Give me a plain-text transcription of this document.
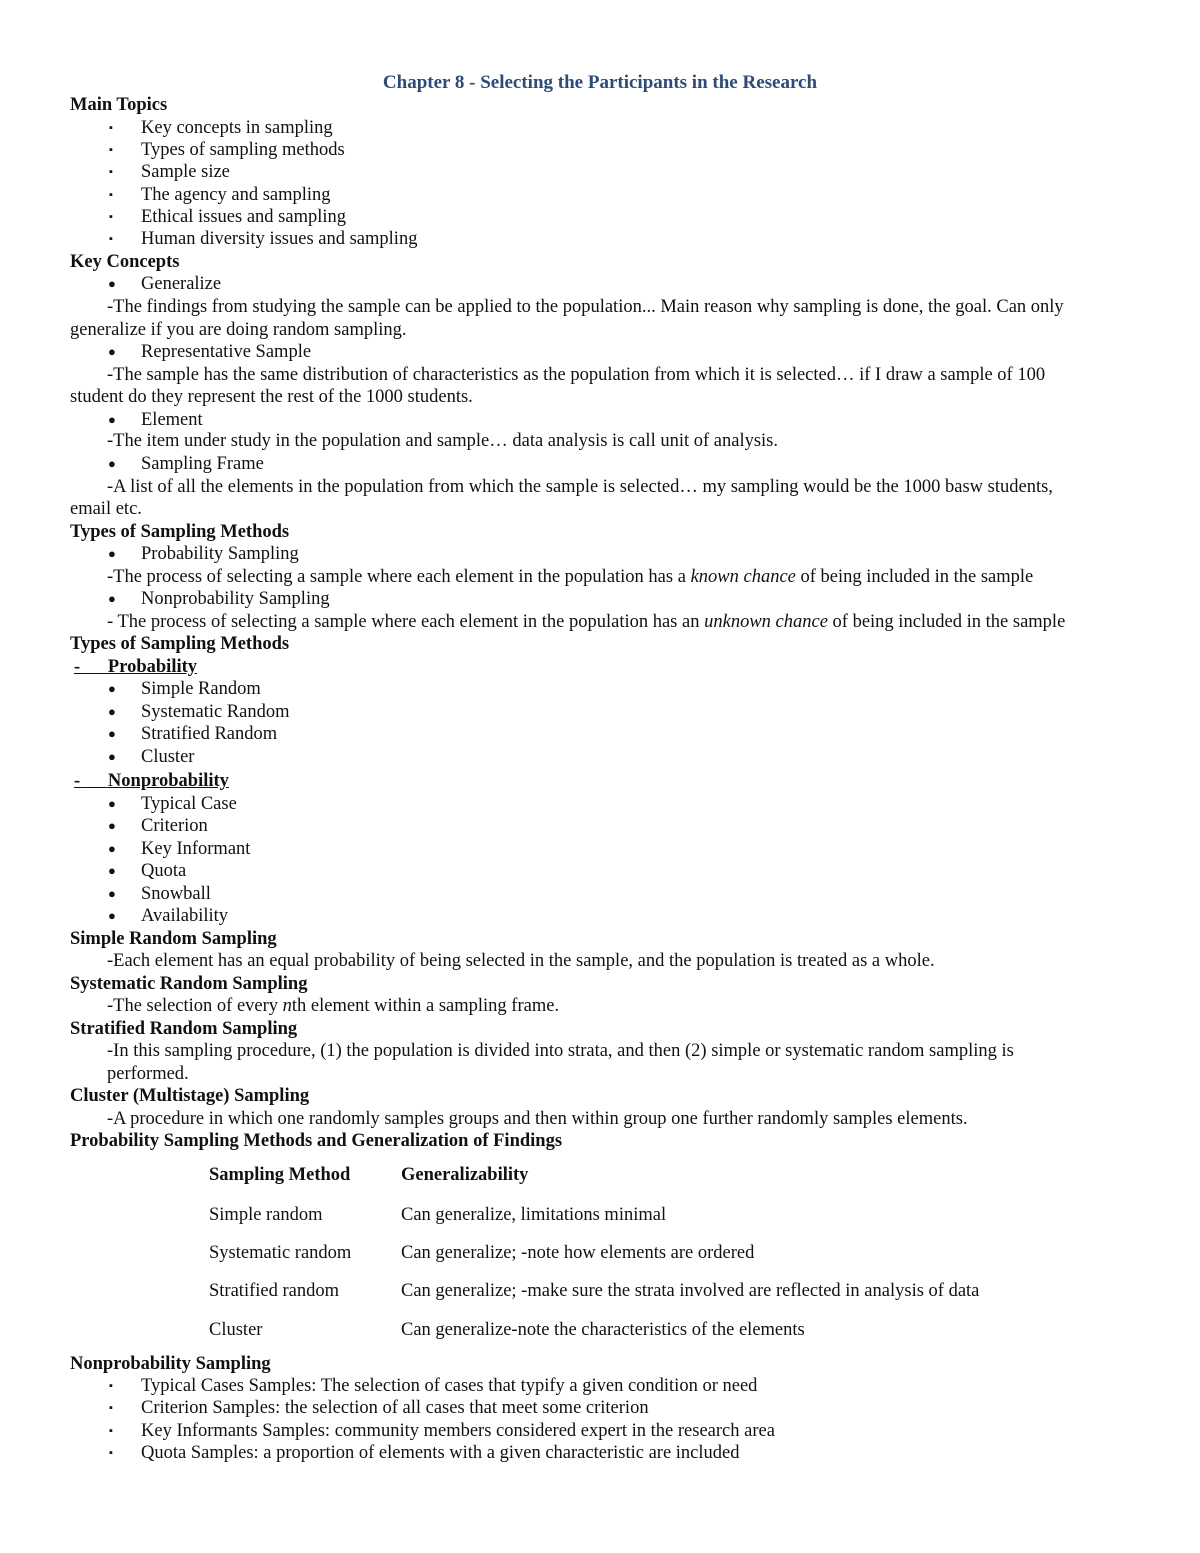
Chapter 8 - Selecting the Participants in the Research
Main Topics
▪ Key concepts in sampling
▪ Types of sampling methods
▪ Sample size
▪ The agency and sampling
▪ Ethical issues and sampling
▪ Human diversity issues and sampling
Key Concepts
● Generalize
-The findings from studying the sample can be applied to the population... Main reason why sampling is done, the goal. Can only
generalize if you are doing random sampling.
● Representative Sample
-The sample has the same distribution of characteristics as the population from which it is selected… if I draw a sample of 100
student do they represent the rest of the 1000 students.
● Element
-The item under study in the population and sample… data analysis is call unit of analysis.
● Sampling Frame
-A list of all the elements in the population from which the sample is selected… my sampling would be the 1000 basw students,
email etc.
Types of Sampling Methods
● Probability Sampling
-The process of selecting a sample where each element in the population has a known chance of being included in the sample
● Nonprobability Sampling
- The process of selecting a sample where each element in the population has an unknown chance of being included in the sample
Types of Sampling Methods
- Probability
● Simple Random
● Systematic Random
● Stratified Random
● Cluster
- Nonprobability
● Typical Case
● Criterion
● Key Informant
● Quota
● Snowball
● Availability
Simple Random Sampling
-Each element has an equal probability of being selected in the sample, and the population is treated as a whole.
Systematic Random Sampling
-The selection of every nth element within a sampling frame.
Stratified Random Sampling
-In this sampling procedure, (1) the population is divided into strata, and then (2) simple or systematic random sampling is
performed.
Cluster (Multistage) Sampling
-A procedure in which one randomly samples groups and then within group one further randomly samples elements.
Probability Sampling Methods and Generalization of Findings
Sampling Method	Generalizability
Simple random	Can generalize, limitations minimal
Systematic random	Can generalize; -note how elements are ordered
Stratified random	Can generalize; -make sure the strata involved are reflected in analysis of data
Cluster	Can generalize-note the characteristics of the elements
Nonprobability Sampling
▪ Typical Cases Samples: The selection of cases that typify a given condition or need
▪ Criterion Samples: the selection of all cases that meet some criterion
▪ Key Informants Samples: community members considered expert in the research area
▪ Quota Samples: a proportion of elements with a given characteristic are included
